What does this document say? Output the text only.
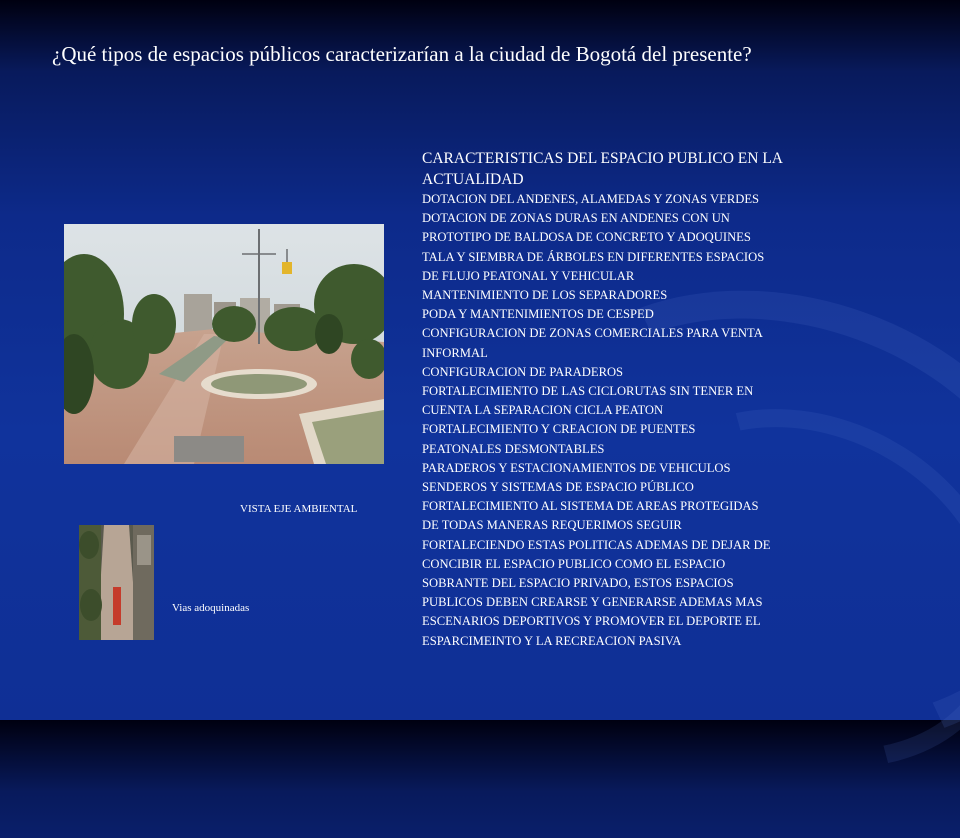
¿Qué tipos de espacios públicos caracterizarían a la ciudad de Bogotá del presente?
VISTA EJE AMBIENTAL
Vias adoquinadas
CARACTERISTICAS DEL ESPACIO PUBLICO EN LA
ACTUALIDAD
DOTACION DEL ANDENES, ALAMEDAS Y ZONAS VERDES
DOTACION DE ZONAS DURAS EN ANDENES CON UN
PROTOTIPO DE BALDOSA DE CONCRETO Y ADOQUINES
TALA Y SIEMBRA DE ÁRBOLES EN DIFERENTES ESPACIOS
DE FLUJO PEATONAL Y VEHICULAR
MANTENIMIENTO DE LOS SEPARADORES
PODA Y MANTENIMIENTOS DE CESPED
CONFIGURACION DE ZONAS COMERCIALES PARA VENTA
INFORMAL
CONFIGURACION DE PARADEROS
FORTALECIMIENTO DE LAS CICLORUTAS SIN TENER EN
CUENTA LA SEPARACION CICLA PEATON
FORTALECIMIENTO Y CREACION DE PUENTES
PEATONALES DESMONTABLES
PARADEROS Y ESTACIONAMIENTOS DE VEHICULOS
SENDEROS Y SISTEMAS DE ESPACIO PÚBLICO
FORTALECIMIENTO AL SISTEMA DE AREAS PROTEGIDAS
DE TODAS MANERAS REQUERIMOS SEGUIR
FORTALECIENDO ESTAS POLITICAS ADEMAS DE DEJAR DE
CONCIBIR EL ESPACIO PUBLICO COMO EL ESPACIO
SOBRANTE DEL ESPACIO PRIVADO, ESTOS ESPACIOS
PUBLICOS DEBEN CREARSE Y GENERARSE ADEMAS MAS
ESCENARIOS DEPORTIVOS Y PROMOVER EL DEPORTE EL
ESPARCIMEINTO Y LA RECREACION PASIVA
